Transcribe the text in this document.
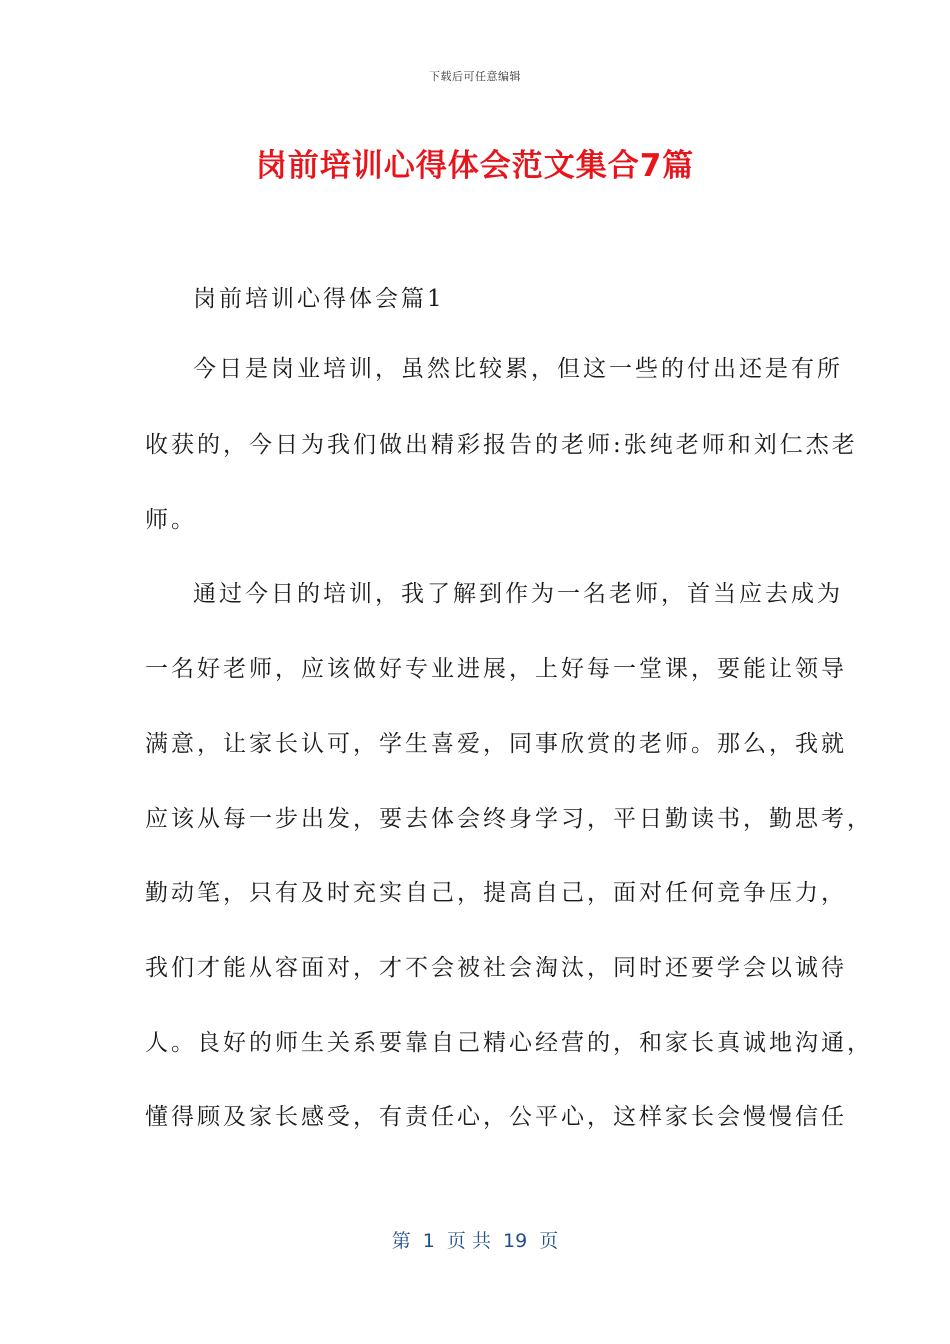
下载后可任意编辑
岗前培训心得体会范文集合7篇
岗前培训心得体会篇1
今日是岗业培训，虽然比较累，但这一些的付出还是有所
收获的，今日为我们做出精彩报告的老师:张纯老师和刘仁杰老
师。
通过今日的培训，我了解到作为一名老师，首当应去成为
一名好老师，应该做好专业进展，上好每一堂课，要能让领导
满意，让家长认可，学生喜爱，同事欣赏的老师。那么，我就
应该从每一步出发，要去体会终身学习，平日勤读书，勤思考，
勤动笔，只有及时充实自己，提高自己，面对任何竞争压力，
我们才能从容面对，才不会被社会淘汰，同时还要学会以诚待
人。良好的师生关系要靠自己精心经营的，和家长真诚地沟通，
懂得顾及家长感受，有责任心，公平心，这样家长会慢慢信任
第  1  页 共  19  页
